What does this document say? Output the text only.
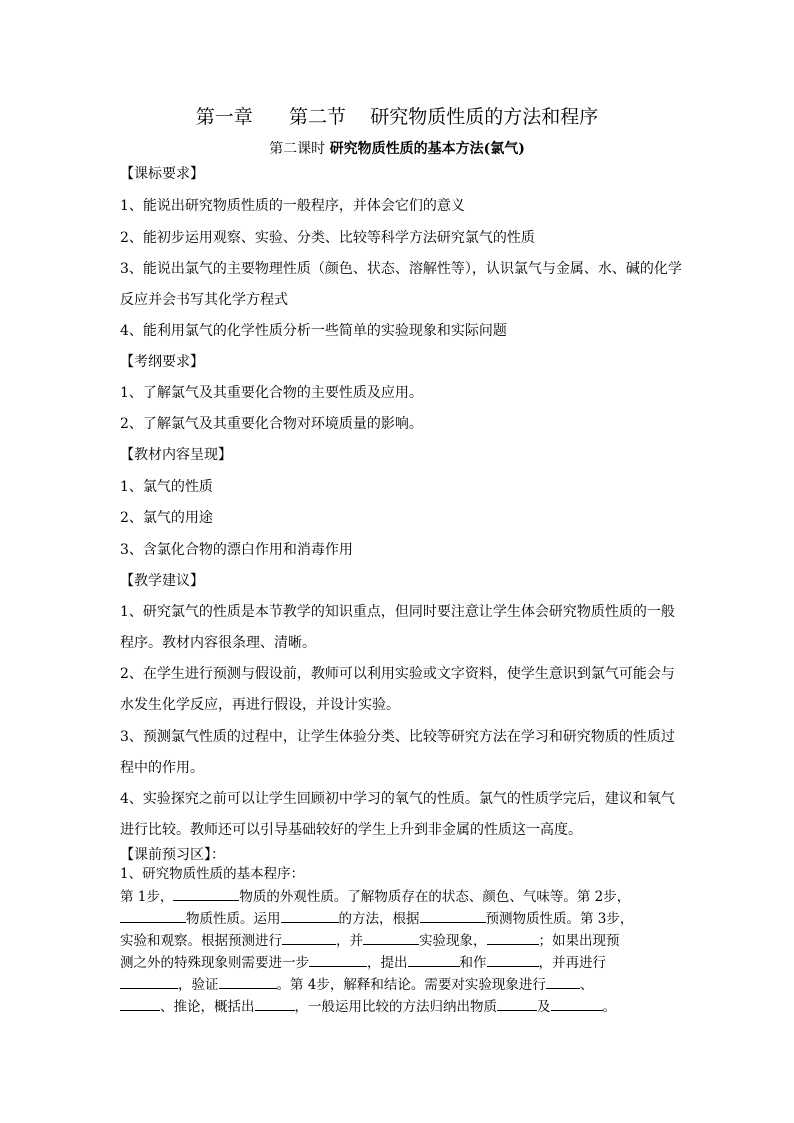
第一章      第二节    研究物质性质的方法和程序
第二课时 研究物质性质的基本方法(氯气)
【课标要求】
1、能说出研究物质性质的一般程序，并体会它们的意义
2、能初步运用观察、实验、分类、比较等科学方法研究氯气的性质
3、能说出氯气的主要物理性质（颜色、状态、溶解性等），认识氯气与金属、水、碱的化学
反应并会书写其化学方程式
4、能利用氯气的化学性质分析一些简单的实验现象和实际问题
【考纲要求】
1、了解氯气及其重要化合物的主要性质及应用。
2、了解氯气及其重要化合物对环境质量的影响。
【教材内容呈现】
1、氯气的性质
2、氯气的用途
3、含氯化合物的漂白作用和消毒作用
【教学建议】
1、研究氯气的性质是本节教学的知识重点，但同时要注意让学生体会研究物质性质的一般
程序。教材内容很条理、清晰。
2、在学生进行预测与假设前，教师可以利用实验或文字资料，使学生意识到氯气可能会与
水发生化学反应，再进行假设，并设计实验。
3、预测氯气性质的过程中，让学生体验分类、比较等研究方法在学习和研究物质的性质过
程中的作用。
4、实验探究之前可以让学生回顾初中学习的氧气的性质。氯气的性质学完后，建议和氧气
进行比较。教师还可以引导基础较好的学生上升到非金属的性质这一高度。
【课前预习区】：
1、研究物质性质的基本程序：
第 1步，	物质的外观性质。了解物质存在的状态、颜色、气味等。第 2步，
物质性质。运用	的方法，根据	预测物质性质。第 3步，
实验和观察。根据预测进行	，并	实验现象，	；如果出现预
测之外的特殊现象则需要进一步	，提出	和作	，并再进行
，验证	。第 4步，解释和结论。需要对实验现象进行	、
、推论，概括出	，一般运用比较的方法归纳出物质	及	。
